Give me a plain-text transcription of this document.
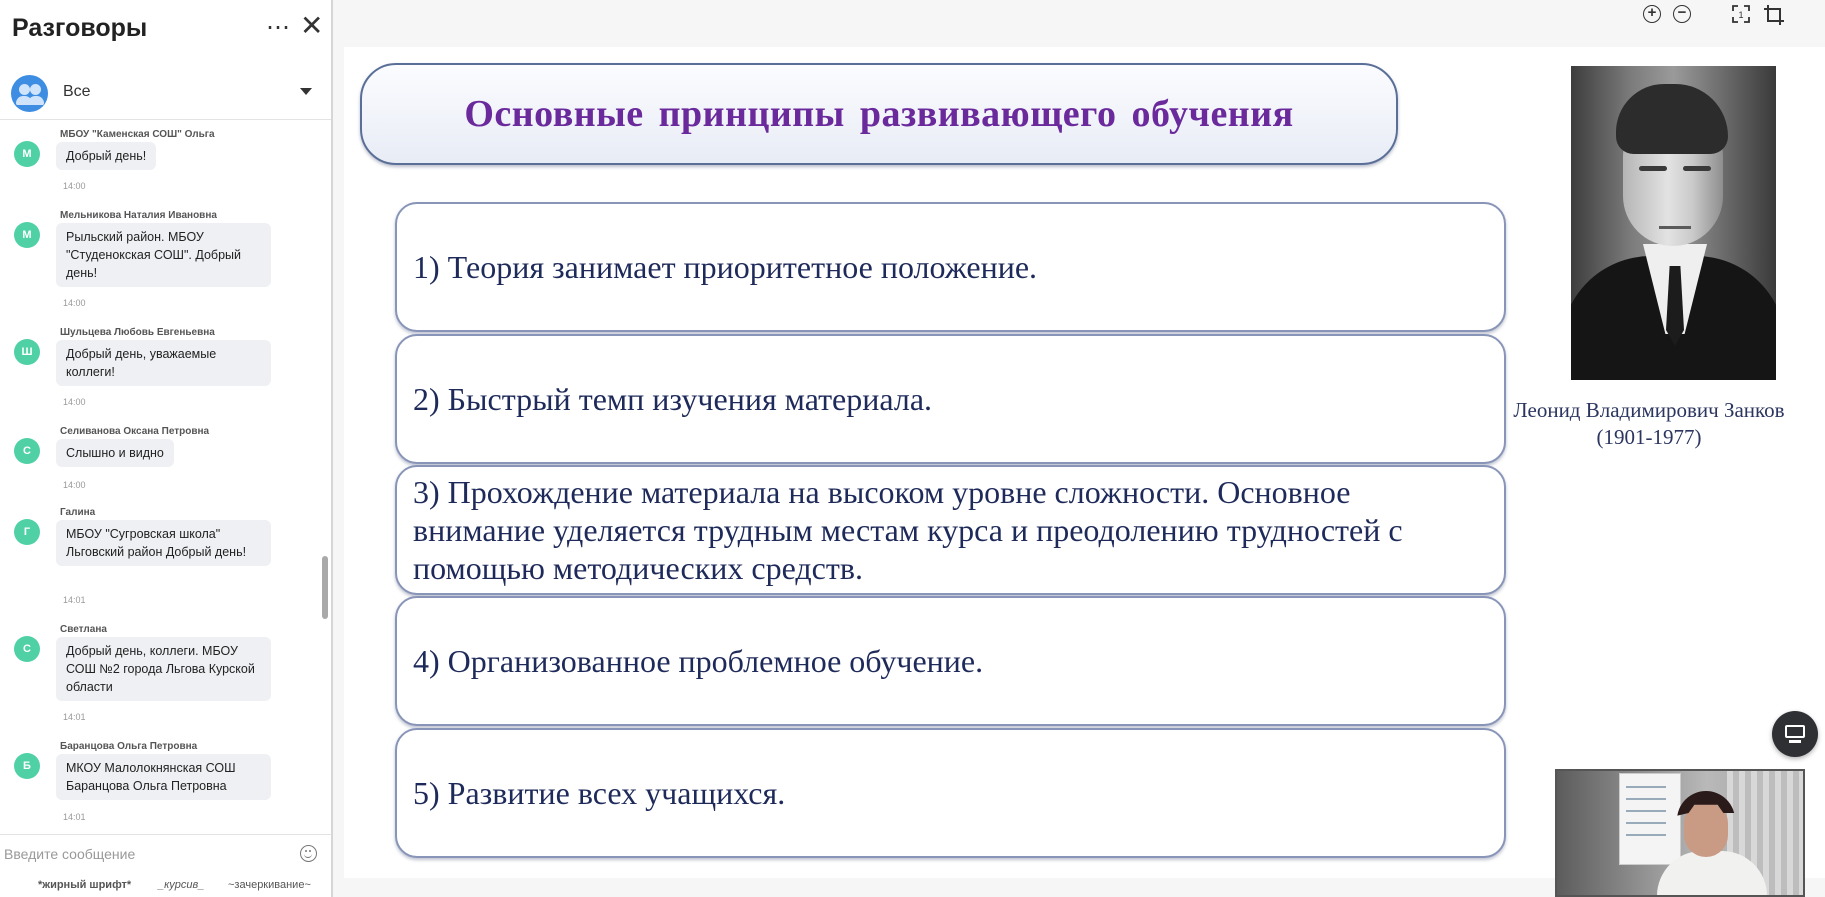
Разговоры	⋯ ✕
Все
М
МБОУ "Каменская СОШ" Ольга
Добрый день!
14:00
М
Мельникова Наталия Ивановна
Рыльский район. МБОУ "Студенокская СОШ". Добрый день!
14:00
Ш
Шульцева Любовь Евгеньевна
Добрый день, уважаемые коллеги!
14:00
С
Селиванова Оксана Петровна
Слышно и видно
14:00
Г
Галина
МБОУ "Сугровская школа" Льговский район Добрый день!
14:01
С
Светлана
Добрый день, коллеги. МБОУ СОШ №2 города Льгова Курской области
14:01
Б
Баранцова Ольга Петровна
МКОУ Малолокнянская СОШ Баранцова Ольга Петровна
14:01
Введите сообщение
*жирный шрифт* _курсив_ ~зачеркивание~
+	−	1
Основные принципы развивающего обучения
1) Теория занимает приоритетное положение.
2) Быстрый темп изучения материала.
3) Прохождение материала на высоком уровне сложности. Основное внимание уделяется трудным местам курса и преодолению трудностей с помощью методических средств.
4) Организованное проблемное обучение.
5) Развитие всех учащихся.
Леонид Владимирович Занков
(1901-1977)
